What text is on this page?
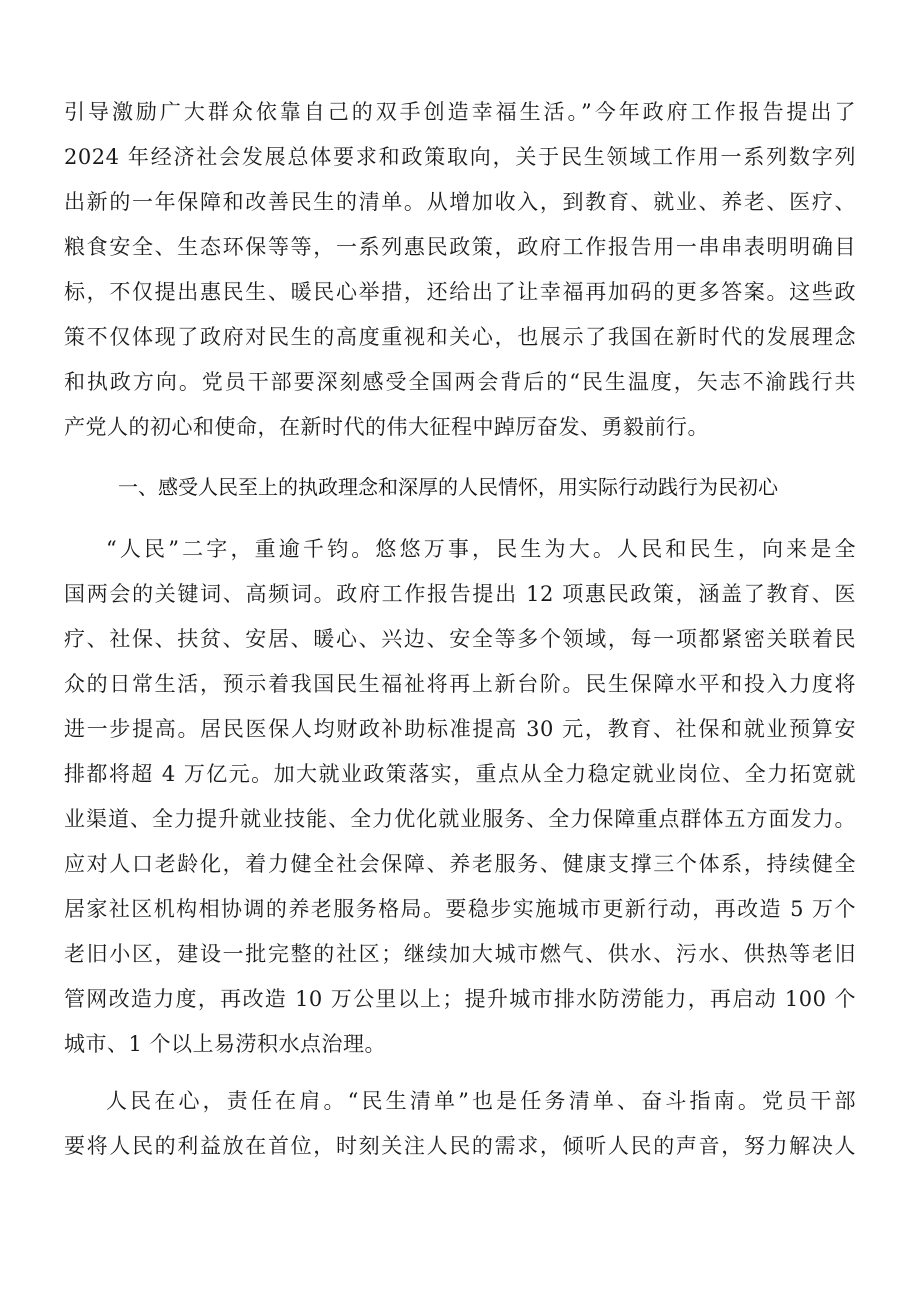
引导激励广大群众依靠自己的双手创造幸福生活。”今年政府工作报告提出了
2024 年经济社会发展总体要求和政策取向，关于民生领域工作用一系列数字列
出新的一年保障和改善民生的清单。从增加收入，到教育、就业、养老、医疗、
粮食安全、生态环保等等，一系列惠民政策，政府工作报告用一串串表明明确目
标，不仅提出惠民生、暖民心举措，还给出了让幸福再加码的更多答案。这些政
策不仅体现了政府对民生的高度重视和关心，也展示了我国在新时代的发展理念
和执政方向。党员干部要深刻感受全国两会背后的“民生温度，矢志不渝践行共
产党人的初心和使命，在新时代的伟大征程中踔厉奋发、勇毅前行。
一、感受人民至上的执政理念和深厚的人民情怀，用实际行动践行为民初心
“人民”二字，重逾千钧。悠悠万事，民生为大。人民和民生，向来是全
国两会的关键词、高频词。政府工作报告提出 12 项惠民政策，涵盖了教育、医
疗、社保、扶贫、安居、暖心、兴边、安全等多个领域，每一项都紧密关联着民
众的日常生活，预示着我国民生福祉将再上新台阶。民生保障水平和投入力度将
进一步提高。居民医保人均财政补助标准提高 30 元，教育、社保和就业预算安
排都将超 4 万亿元。加大就业政策落实，重点从全力稳定就业岗位、全力拓宽就
业渠道、全力提升就业技能、全力优化就业服务、全力保障重点群体五方面发力。
应对人口老龄化，着力健全社会保障、养老服务、健康支撑三个体系，持续健全
居家社区机构相协调的养老服务格局。要稳步实施城市更新行动，再改造 5 万个
老旧小区，建设一批完整的社区；继续加大城市燃气、供水、污水、供热等老旧
管网改造力度，再改造 10 万公里以上；提升城市排水防涝能力，再启动 100 个
城市、1 个以上易涝积水点治理。
人民在心，责任在肩。“民生清单”也是任务清单、奋斗指南。党员干部
要将人民的利益放在首位，时刻关注人民的需求，倾听人民的声音，努力解决人
